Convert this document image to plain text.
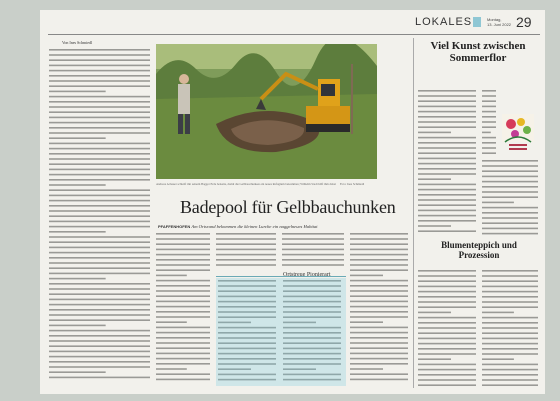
LOKALES	Montag,
13. Juni 2022 29
Von Ines Schmiedl
Andreas Achauer schleift mit seinem Bagger Erde beiseite, damit die Gelbbauchunken ein neues Refugium bekommen; Wilhelm Stadt hilft ihm dabei	Foto: Ines Schmiedl
Badepool für Gelbbauchunken
PFAFFENHOFEN Am Ortsrand bekommen die kleinen Lurche ein naggelneues Habitat
Ortstreue Pionierart
Viel Kunst zwischen Sommerflor
Blumenteppich und Prozession
